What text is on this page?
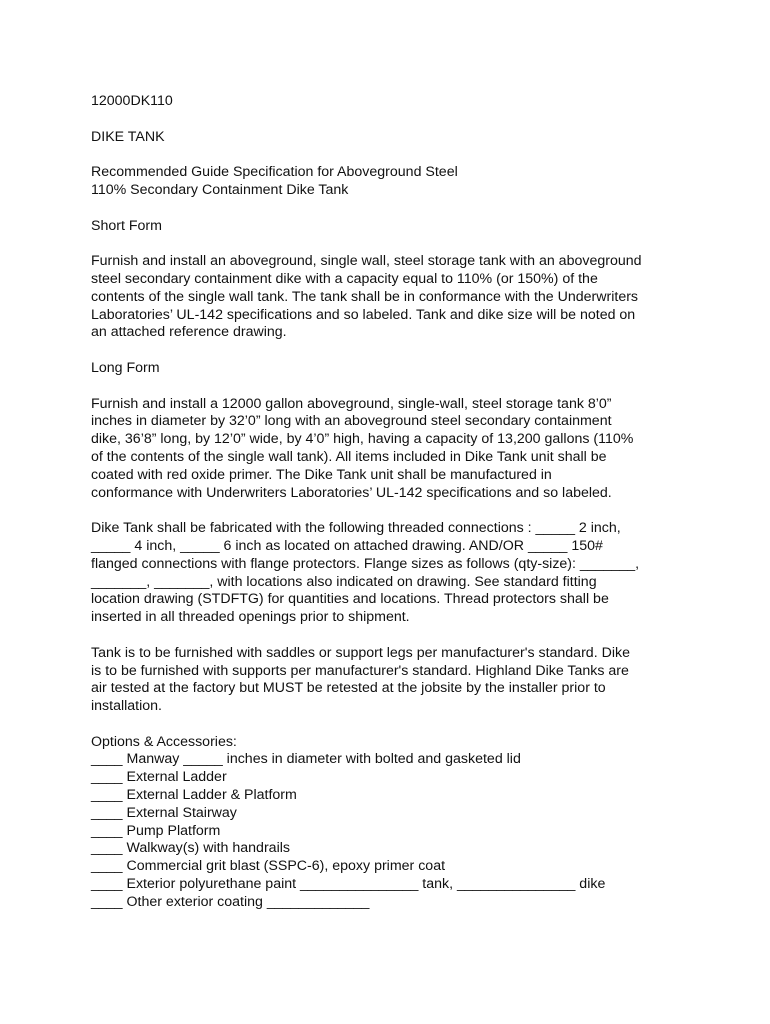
12000DK110

DIKE TANK

Recommended Guide Specification for Aboveground Steel
110% Secondary Containment Dike Tank

Short Form

Furnish and install an aboveground, single wall, steel storage tank with an aboveground
steel secondary containment dike with a capacity equal to 110% (or 150%) of the
contents of the single wall tank. The tank shall be in conformance with the Underwriters
Laboratories’ UL-142 specifications and so labeled. Tank and dike size will be noted on
an attached reference drawing.

Long Form

Furnish and install a 12000 gallon aboveground, single-wall, steel storage tank 8’0”
inches in diameter by 32’0” long with an aboveground steel secondary containment
dike, 36’8” long, by 12’0” wide, by 4’0” high, having a capacity of 13,200 gallons (110%
of the contents of the single wall tank). All items included in Dike Tank unit shall be
coated with red oxide primer. The Dike Tank unit shall be manufactured in
conformance with Underwriters Laboratories’ UL-142 specifications and so labeled.

Dike Tank shall be fabricated with the following threaded connections : _____ 2 inch,
_____ 4 inch, _____ 6 inch as located on attached drawing. AND/OR _____ 150#
flanged connections with flange protectors. Flange sizes as follows (qty-size): _______,
_______, _______, with locations also indicated on drawing. See standard fitting
location drawing (STDFTG) for quantities and locations. Thread protectors shall be
inserted in all threaded openings prior to shipment.

Tank is to be furnished with saddles or support legs per manufacturer's standard. Dike
is to be furnished with supports per manufacturer's standard. Highland Dike Tanks are
air tested at the factory but MUST be retested at the jobsite by the installer prior to
installation.

Options & Accessories:
____ Manway _____ inches in diameter with bolted and gasketed lid
____ External Ladder
____ External Ladder & Platform
____ External Stairway
____ Pump Platform
____ Walkway(s) with handrails
____ Commercial grit blast (SSPC-6), epoxy primer coat
____ Exterior polyurethane paint _______________ tank, _______________ dike
____ Other exterior coating _____________
